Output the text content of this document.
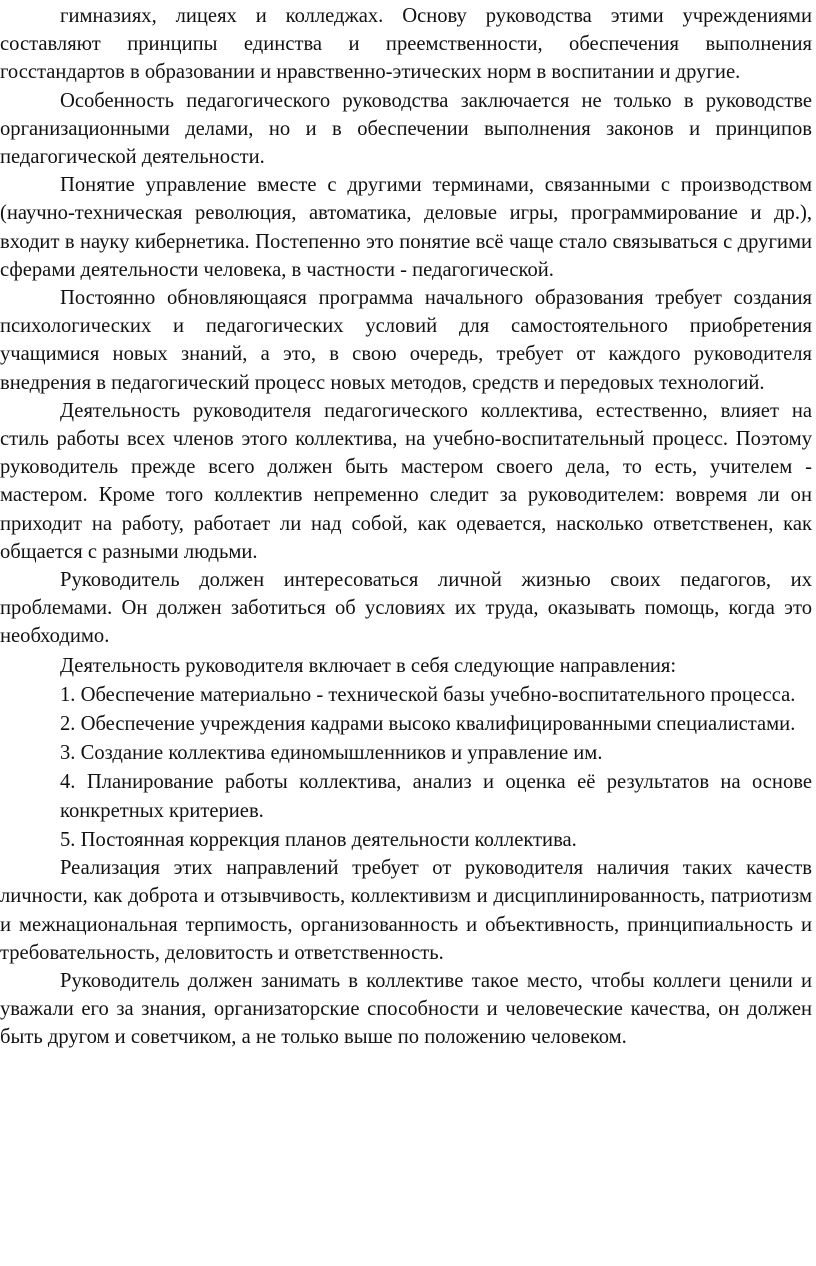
гимназиях, лицеях и колледжах. Основу руководства этими учреждениями составляют принципы единства и преемственности, обеспечения выполнения госстандартов в образовании и нравственно-этических норм в воспитании и другие.

Особенность педагогического руководства заключается не только в руководстве организационными делами, но и в обеспечении выполнения законов и принципов педагогической деятельности.

Понятие управление вместе с другими терминами, связанными с производством (научно-техническая революция, автоматика, деловые игры, программирование и др.), входит в науку кибернетика. Постепенно это понятие всё чаще стало связываться с другими сферами деятельности человека, в частности - педагогической.

Постоянно обновляющаяся программа начального образования требует создания психологических и педагогических условий для самостоятельного приобретения учащимися новых знаний, а это, в свою очередь, требует от каждого руководителя внедрения в педагогический процесс новых методов, средств и передовых технологий.

Деятельность руководителя педагогического коллектива, естественно, влияет на стиль работы всех членов этого коллектива, на учебно-воспитательный процесс. Поэтому руководитель прежде всего должен быть мастером своего дела, то есть, учителем - мастером. Кроме того коллектив непременно следит за руководителем: вовремя ли он приходит на работу, работает ли над собой, как одевается, насколько ответственен, как общается с разными людьми.

Руководитель должен интересоваться личной жизнью своих педагогов, их проблемами. Он должен заботиться об условиях их труда, оказывать помощь, когда это необходимо.

Деятельность руководителя включает в себя следующие направления:

1. Обеспечение материально - технической базы учебно-воспитательного процесса.

2. Обеспечение учреждения кадрами высоко квалифицированными специалистами.

3. Создание коллектива единомышленников и управление им.

4. Планирование работы коллектива, анализ и оценка её результатов на основе конкретных критериев.

5. Постоянная коррекция планов деятельности коллектива.

Реализация этих направлений требует от руководителя наличия таких качеств личности, как доброта и отзывчивость, коллективизм и дисциплинированность, патриотизм и межнациональная терпимость, организованность и объективность, принципиальность и требовательность, деловитость и ответственность.

Руководитель должен занимать в коллективе такое место, чтобы коллеги ценили и уважали его за знания, организаторские способности и человеческие качества, он должен быть другом и советчиком, а не только выше по положению человеком.
